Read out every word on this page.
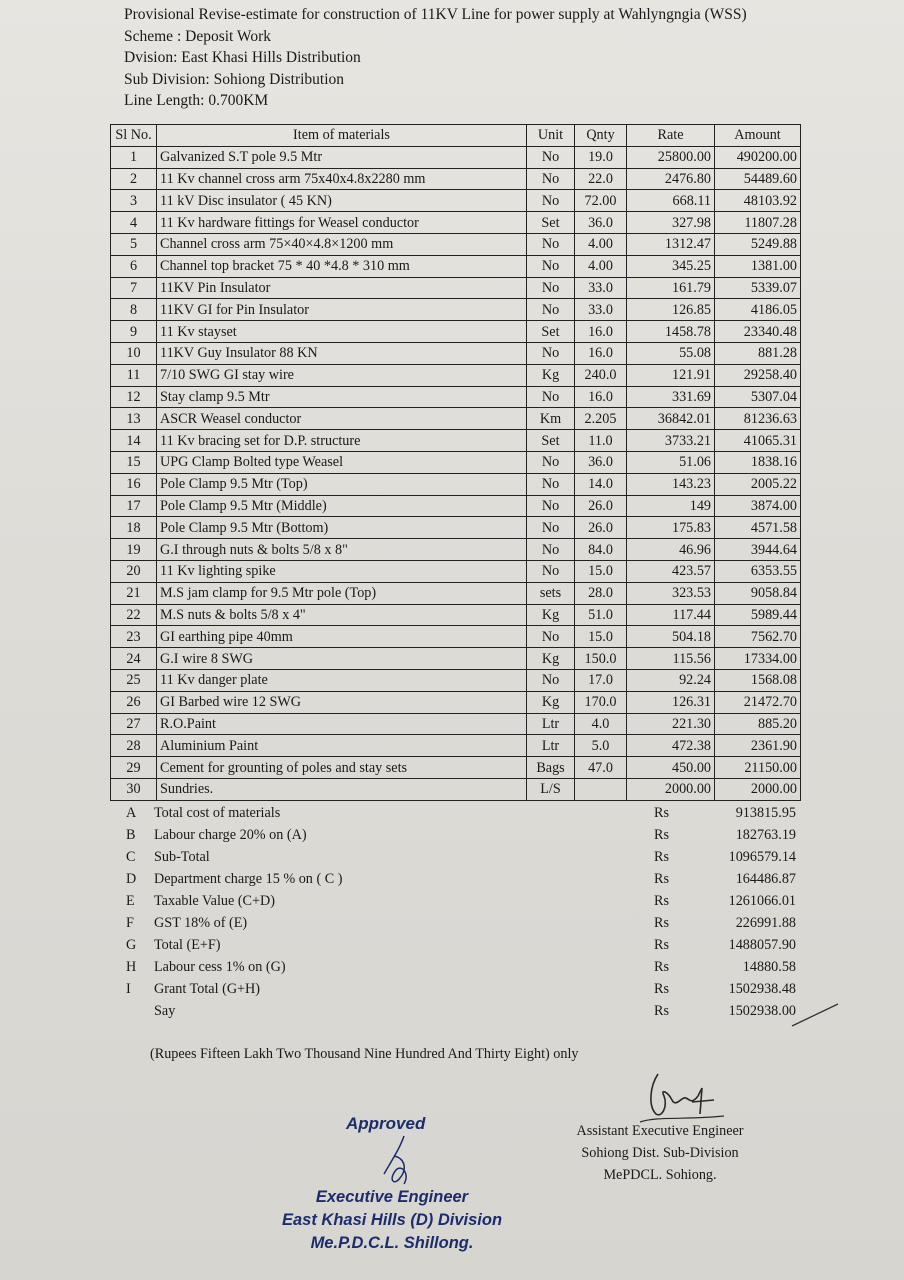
Provisional Revise-estimate for construction of 11KV Line for power supply at Wahlyngngia (WSS)
Scheme : Deposit Work
Dvision: East Khasi Hills Distribution
Sub Division: Sohiong Distribution
Line Length: 0.700KM
Sl No.	Item of materials	Unit	Qnty	Rate	Amount
1	Galvanized S.T pole 9.5 Mtr	No	19.0	25800.00	490200.00
2	11 Kv channel cross arm 75x40x4.8x2280 mm	No	22.0	2476.80	54489.60
3	11 kV Disc insulator ( 45 KN)	No	72.00	668.11	48103.92
4	11 Kv hardware fittings for Weasel conductor	Set	36.0	327.98	11807.28
5	Channel cross arm 75×40×4.8×1200 mm	No	4.00	1312.47	5249.88
6	Channel top bracket 75 * 40 *4.8 * 310 mm	No	4.00	345.25	1381.00
7	11KV Pin Insulator	No	33.0	161.79	5339.07
8	11KV GI for Pin Insulator	No	33.0	126.85	4186.05
9	11 Kv stayset	Set	16.0	1458.78	23340.48
10	11KV Guy Insulator 88 KN	No	16.0	55.08	881.28
11	7/10 SWG GI stay wire	Kg	240.0	121.91	29258.40
12	Stay clamp 9.5 Mtr	No	16.0	331.69	5307.04
13	ASCR Weasel conductor	Km	2.205	36842.01	81236.63
14	11 Kv bracing set for D.P. structure	Set	11.0	3733.21	41065.31
15	UPG Clamp Bolted type Weasel	No	36.0	51.06	1838.16
16	Pole Clamp 9.5 Mtr (Top)	No	14.0	143.23	2005.22
17	Pole Clamp 9.5 Mtr (Middle)	No	26.0	149	3874.00
18	Pole Clamp 9.5 Mtr (Bottom)	No	26.0	175.83	4571.58
19	G.I through nuts & bolts 5/8 x 8"	No	84.0	46.96	3944.64
20	11 Kv lighting spike	No	15.0	423.57	6353.55
21	M.S jam clamp for 9.5 Mtr pole (Top)	sets	28.0	323.53	9058.84
22	M.S nuts & bolts 5/8 x 4"	Kg	51.0	117.44	5989.44
23	GI earthing pipe 40mm	No	15.0	504.18	7562.70
24	G.I wire 8 SWG	Kg	150.0	115.56	17334.00
25	11 Kv danger plate	No	17.0	92.24	1568.08
26	GI Barbed wire 12 SWG	Kg	170.0	126.31	21472.70
27	R.O.Paint	Ltr	4.0	221.30	885.20
28	Aluminium Paint	Ltr	5.0	472.38	2361.90
29	Cement for grounting of poles and stay sets	Bags	47.0	450.00	21150.00
30	Sundries.	L/S		2000.00	2000.00
A Total cost of materials	Rs	913815.95
B Labour charge 20% on (A)	Rs	182763.19
C Sub-Total	Rs	1096579.14
D Department charge 15 % on ( C )	Rs	164486.87
E Taxable Value (C+D)	Rs	1261066.01
F GST 18% of (E)	Rs	226991.88
G Total (E+F)	Rs	1488057.90
H Labour cess 1% on (G)	Rs	14880.58
I Grant Total (G+H)	Rs	1502938.48
Say	Rs	1502938.00
(Rupees Fifteen Lakh Two Thousand Nine Hundred And Thirty Eight) only
Assistant Executive Engineer
Sohiong Dist. Sub-Division
MePDCL. Sohiong.
Approved
Executive Engineer
East Khasi Hills (D) Division
Me.P.D.C.L. Shillong.
